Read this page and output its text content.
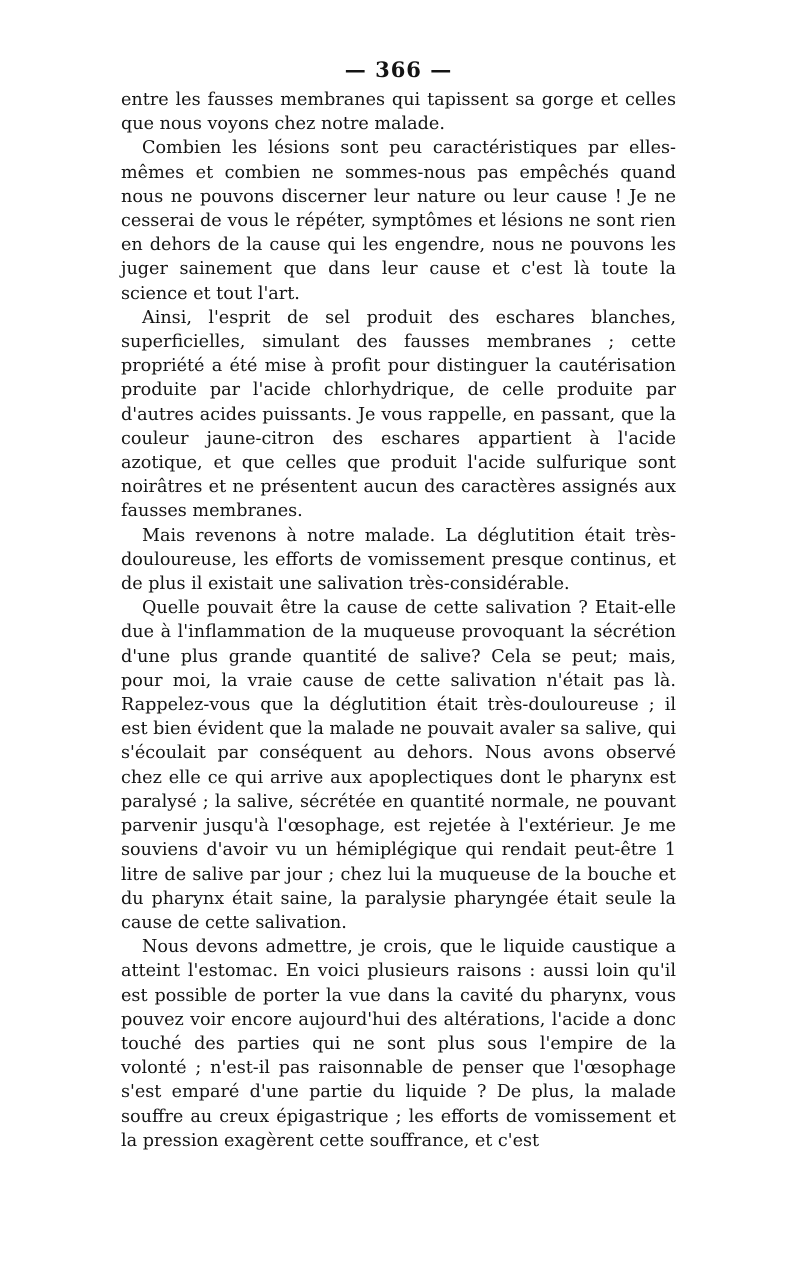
— 366 —

entre les fausses membranes qui tapissent sa gorge et celles que nous voyons chez notre malade.

Combien les lésions sont peu caractéristiques par elles-mêmes et combien ne sommes-nous pas empêchés quand nous ne pouvons discerner leur nature ou leur cause ! Je ne cesserai de vous le répéter, symptômes et lésions ne sont rien en dehors de la cause qui les engendre, nous ne pouvons les juger sainement que dans leur cause et c'est là toute la science et tout l'art.

Ainsi, l'esprit de sel produit des eschares blanches, superficielles, simulant des fausses membranes ; cette propriété a été mise à profit pour distinguer la cautérisation produite par l'acide chlorhydrique, de celle produite par d'autres acides puissants. Je vous rappelle, en passant, que la couleur jaune-citron des eschares appartient à l'acide azotique, et que celles que produit l'acide sulfurique sont noirâtres et ne présentent aucun des caractères assignés aux fausses membranes.

Mais revenons à notre malade. La déglutition était très-douloureuse, les efforts de vomissement presque continus, et de plus il existait une salivation très-considérable.

Quelle pouvait être la cause de cette salivation ? Etait-elle due à l'inflammation de la muqueuse provoquant la sécrétion d'une plus grande quantité de salive? Cela se peut; mais, pour moi, la vraie cause de cette salivation n'était pas là. Rappelez-vous que la déglutition était très-douloureuse ; il est bien évident que la malade ne pouvait avaler sa salive, qui s'écoulait par conséquent au dehors. Nous avons observé chez elle ce qui arrive aux apoplectiques dont le pharynx est paralysé ; la salive, sécrétée en quantité normale, ne pouvant parvenir jusqu'à l'œsophage, est rejetée à l'extérieur. Je me souviens d'avoir vu un hémiplégique qui rendait peut-être 1 litre de salive par jour ; chez lui la muqueuse de la bouche et du pharynx était saine, la paralysie pharyngée était seule la cause de cette salivation.

Nous devons admettre, je crois, que le liquide caustique a atteint l'estomac. En voici plusieurs raisons : aussi loin qu'il est possible de porter la vue dans la cavité du pharynx, vous pouvez voir encore aujourd'hui des altérations, l'acide a donc touché des parties qui ne sont plus sous l'empire de la volonté ; n'est-il pas raisonnable de penser que l'œsophage s'est emparé d'une partie du liquide ? De plus, la malade souffre au creux épigastrique ; les efforts de vomissement et la pression exagèrent cette souffrance, et c'est
